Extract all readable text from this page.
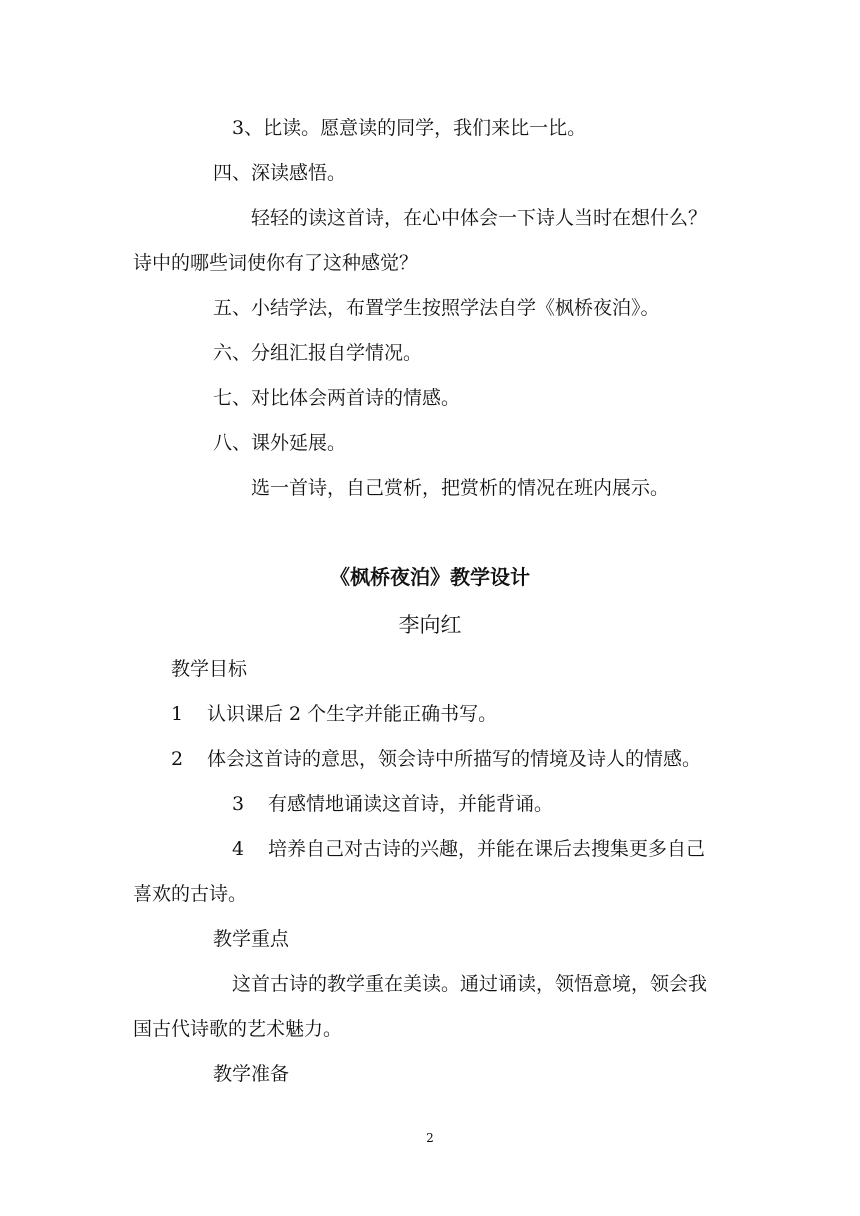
3、比读。愿意读的同学，我们来比一比。
四、深读感悟。
轻轻的读这首诗，在心中体会一下诗人当时在想什么？
诗中的哪些词使你有了这种感觉？
五、小结学法，布置学生按照学法自学《枫桥夜泊》。
六、分组汇报自学情况。
七、对比体会两首诗的情感。
八、课外延展。
选一首诗，自己赏析，把赏析的情况在班内展示。
《枫桥夜泊》教学设计
李向红
教学目标
1 认识课后 2 个生字并能正确书写。
2 体会这首诗的意思，领会诗中所描写的情境及诗人的情感。
3 有感情地诵读这首诗，并能背诵。
4 培养自己对古诗的兴趣，并能在课后去搜集更多自己
喜欢的古诗。
教学重点
这首古诗的教学重在美读。通过诵读，领悟意境，领会我
国古代诗歌的艺术魅力。
教学准备
2
